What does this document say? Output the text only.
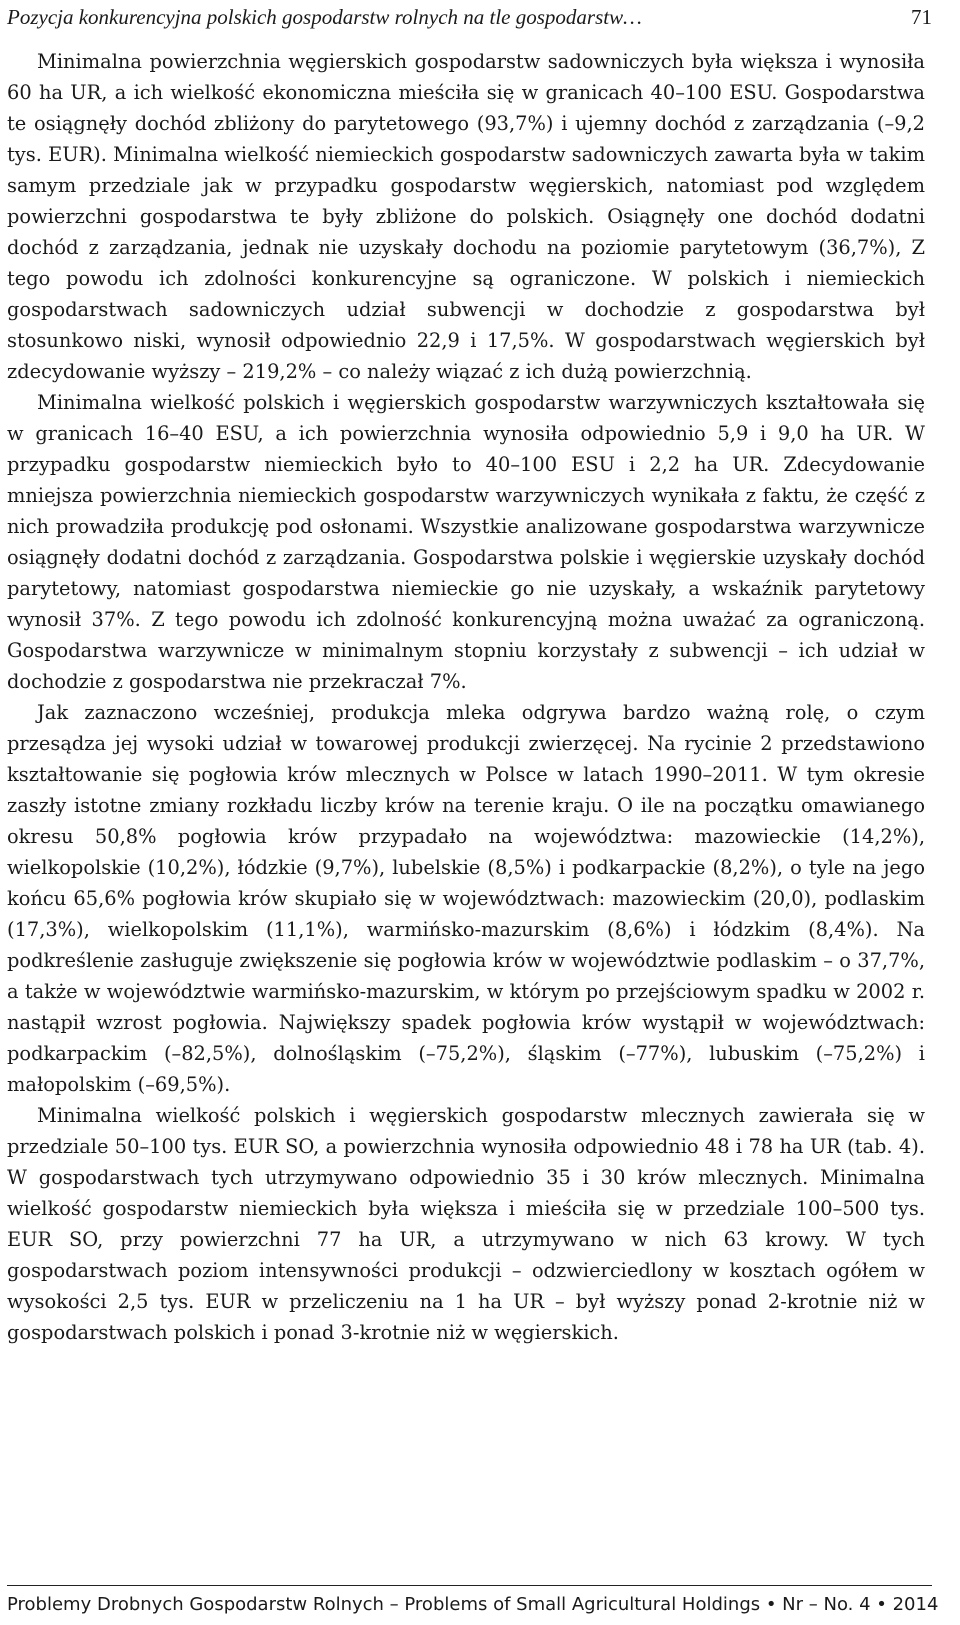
Pozycja konkurencyjna polskich gospodarstw rolnych na tle gospodarstw…	71

Minimalna powierzchnia węgierskich gospodarstw sadowniczych była większa i wynosiła 60 ha UR, a ich wielkość ekonomiczna mieściła się w granicach 40–100 ESU. Gospodarstwa te osiągnęły dochód zbliżony do parytetowego (93,7%) i ujemny dochód z zarządzania (–9,2 tys. EUR). Minimalna wielkość niemieckich gospodarstw sadowniczych zawarta była w takim samym przedziale jak w przypadku gospodarstw węgierskich, natomiast pod względem powierzchni gospodarstwa te były zbliżone do polskich. Osiągnęły one dochód dodatni dochód z zarządzania, jednak nie uzyskały dochodu na poziomie parytetowym (36,7%), Z tego powodu ich zdolności konkurencyjne są ograniczone. W polskich i niemieckich gospodarstwach sadowniczych udział subwencji w dochodzie z gospodarstwa był stosunkowo niski, wynosił odpowiednio 22,9 i 17,5%. W gospodarstwach węgierskich był zdecydowanie wyższy – 219,2% – co należy wiązać z ich dużą powierzchnią.

Minimalna wielkość polskich i węgierskich gospodarstw warzywniczych kształtowała się w granicach 16–40 ESU, a ich powierzchnia wynosiła odpowiednio 5,9 i 9,0 ha UR. W przypadku gospodarstw niemieckich było to 40–100 ESU i 2,2 ha UR. Zdecydowanie mniejsza powierzchnia niemieckich gospodarstw warzywniczych wynikała z faktu, że część z nich prowadziła produkcję pod osłonami. Wszystkie analizowane gospodarstwa warzywnicze osiągnęły dodatni dochód z zarządzania. Gospodarstwa polskie i węgierskie uzyskały dochód parytetowy, natomiast gospodarstwa niemieckie go nie uzyskały, a wskaźnik parytetowy wynosił 37%. Z tego powodu ich zdolność konkurencyjną można uważać za ograniczoną. Gospodarstwa warzywnicze w minimalnym stopniu korzystały z subwencji – ich udział w dochodzie z gospodarstwa nie przekraczał 7%.

Jak zaznaczono wcześniej, produkcja mleka odgrywa bardzo ważną rolę, o czym przesądza jej wysoki udział w towarowej produkcji zwierzęcej. Na rycinie 2 przedstawiono kształtowanie się pogłowia krów mlecznych w Polsce w latach 1990–2011. W tym okresie zaszły istotne zmiany rozkładu liczby krów na terenie kraju. O ile na początku omawianego okresu 50,8% pogłowia krów przypadało na województwa: mazowieckie (14,2%), wielkopolskie (10,2%), łódzkie (9,7%), lubelskie (8,5%) i podkarpackie (8,2%), o tyle na jego końcu 65,6% pogłowia krów skupiało się w województwach: mazowieckim (20,0), podlaskim (17,3%), wielkopolskim (11,1%), warmińsko-mazurskim (8,6%) i łódzkim (8,4%). Na podkreślenie zasługuje zwiększenie się pogłowia krów w województwie podlaskim – o 37,7%, a także w województwie warmińsko-mazurskim, w którym po przejściowym spadku w 2002 r. nastąpił wzrost pogłowia. Największy spadek pogłowia krów wystąpił w województwach: podkarpackim (–82,5%), dolnośląskim (–75,2%), śląskim (–77%), lubuskim (–75,2%) i małopolskim (–69,5%).

Minimalna wielkość polskich i węgierskich gospodarstw mlecznych zawierała się w przedziale 50–100 tys. EUR SO, a powierzchnia wynosiła odpowiednio 48 i 78 ha UR (tab. 4). W gospodarstwach tych utrzymywano odpowiednio 35 i 30 krów mlecznych. Minimalna wielkość gospodarstw niemieckich była większa i mieściła się w przedziale 100–500 tys. EUR SO, przy powierzchni 77 ha UR, a utrzymywano w nich 63 krowy. W tych gospodarstwach poziom intensywności produkcji – odzwierciedlony w kosztach ogółem w wysokości 2,5 tys. EUR w przeliczeniu na 1 ha UR – był wyższy ponad 2-krotnie niż w gospodarstwach polskich i ponad 3-krotnie niż w węgierskich.

Problemy Drobnych Gospodarstw Rolnych – Problems of Small Agricultural Holdings • Nr – No. 4 • 2014
